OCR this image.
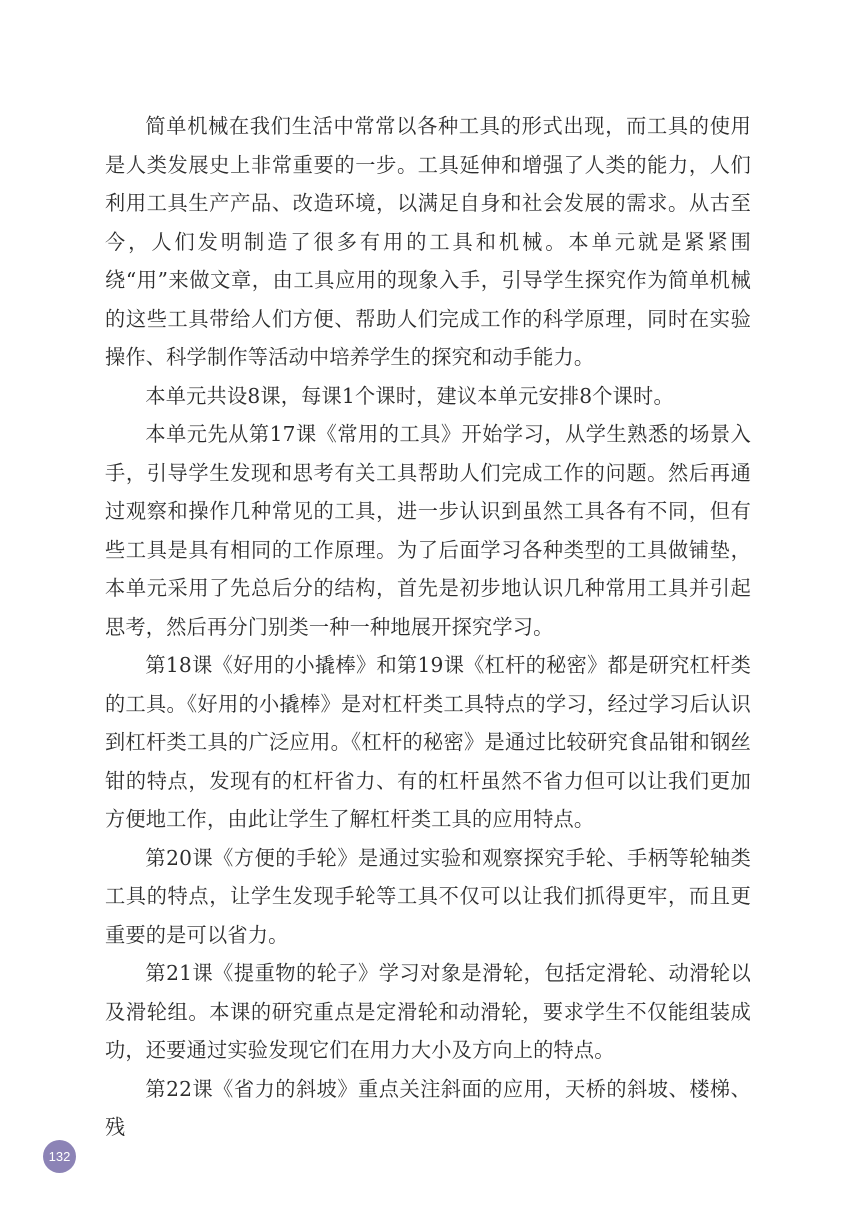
简单机械在我们生活中常常以各种工具的形式出现，而工具的使用是人类发展史上非常重要的一步。工具延伸和增强了人类的能力，人们利用工具生产产品、改造环境，以满足自身和社会发展的需求。从古至今，人们发明制造了很多有用的工具和机械。本单元就是紧紧围绕“用”来做文章，由工具应用的现象入手，引导学生探究作为简单机械的这些工具带给人们方便、帮助人们完成工作的科学原理，同时在实验操作、科学制作等活动中培养学生的探究和动手能力。

本单元共设8课，每课1个课时，建议本单元安排8个课时。

本单元先从第17课《常用的工具》开始学习，从学生熟悉的场景入手，引导学生发现和思考有关工具帮助人们完成工作的问题。然后再通过观察和操作几种常见的工具，进一步认识到虽然工具各有不同，但有些工具是具有相同的工作原理。为了后面学习各种类型的工具做铺垫，本单元采用了先总后分的结构，首先是初步地认识几种常用工具并引起思考，然后再分门别类一种一种地展开探究学习。

第18课《好用的小撬棒》和第19课《杠杆的秘密》都是研究杠杆类的工具。《好用的小撬棒》是对杠杆类工具特点的学习，经过学习后认识到杠杆类工具的广泛应用。《杠杆的秘密》是通过比较研究食品钳和钢丝钳的特点，发现有的杠杆省力、有的杠杆虽然不省力但可以让我们更加方便地工作，由此让学生了解杠杆类工具的应用特点。

第20课《方便的手轮》是通过实验和观察探究手轮、手柄等轮轴类工具的特点，让学生发现手轮等工具不仅可以让我们抓得更牢，而且更重要的是可以省力。

第21课《提重物的轮子》学习对象是滑轮，包括定滑轮、动滑轮以及滑轮组。本课的研究重点是定滑轮和动滑轮，要求学生不仅能组装成功，还要通过实验发现它们在用力大小及方向上的特点。

第22课《省力的斜坡》重点关注斜面的应用，天桥的斜坡、楼梯、残

132
